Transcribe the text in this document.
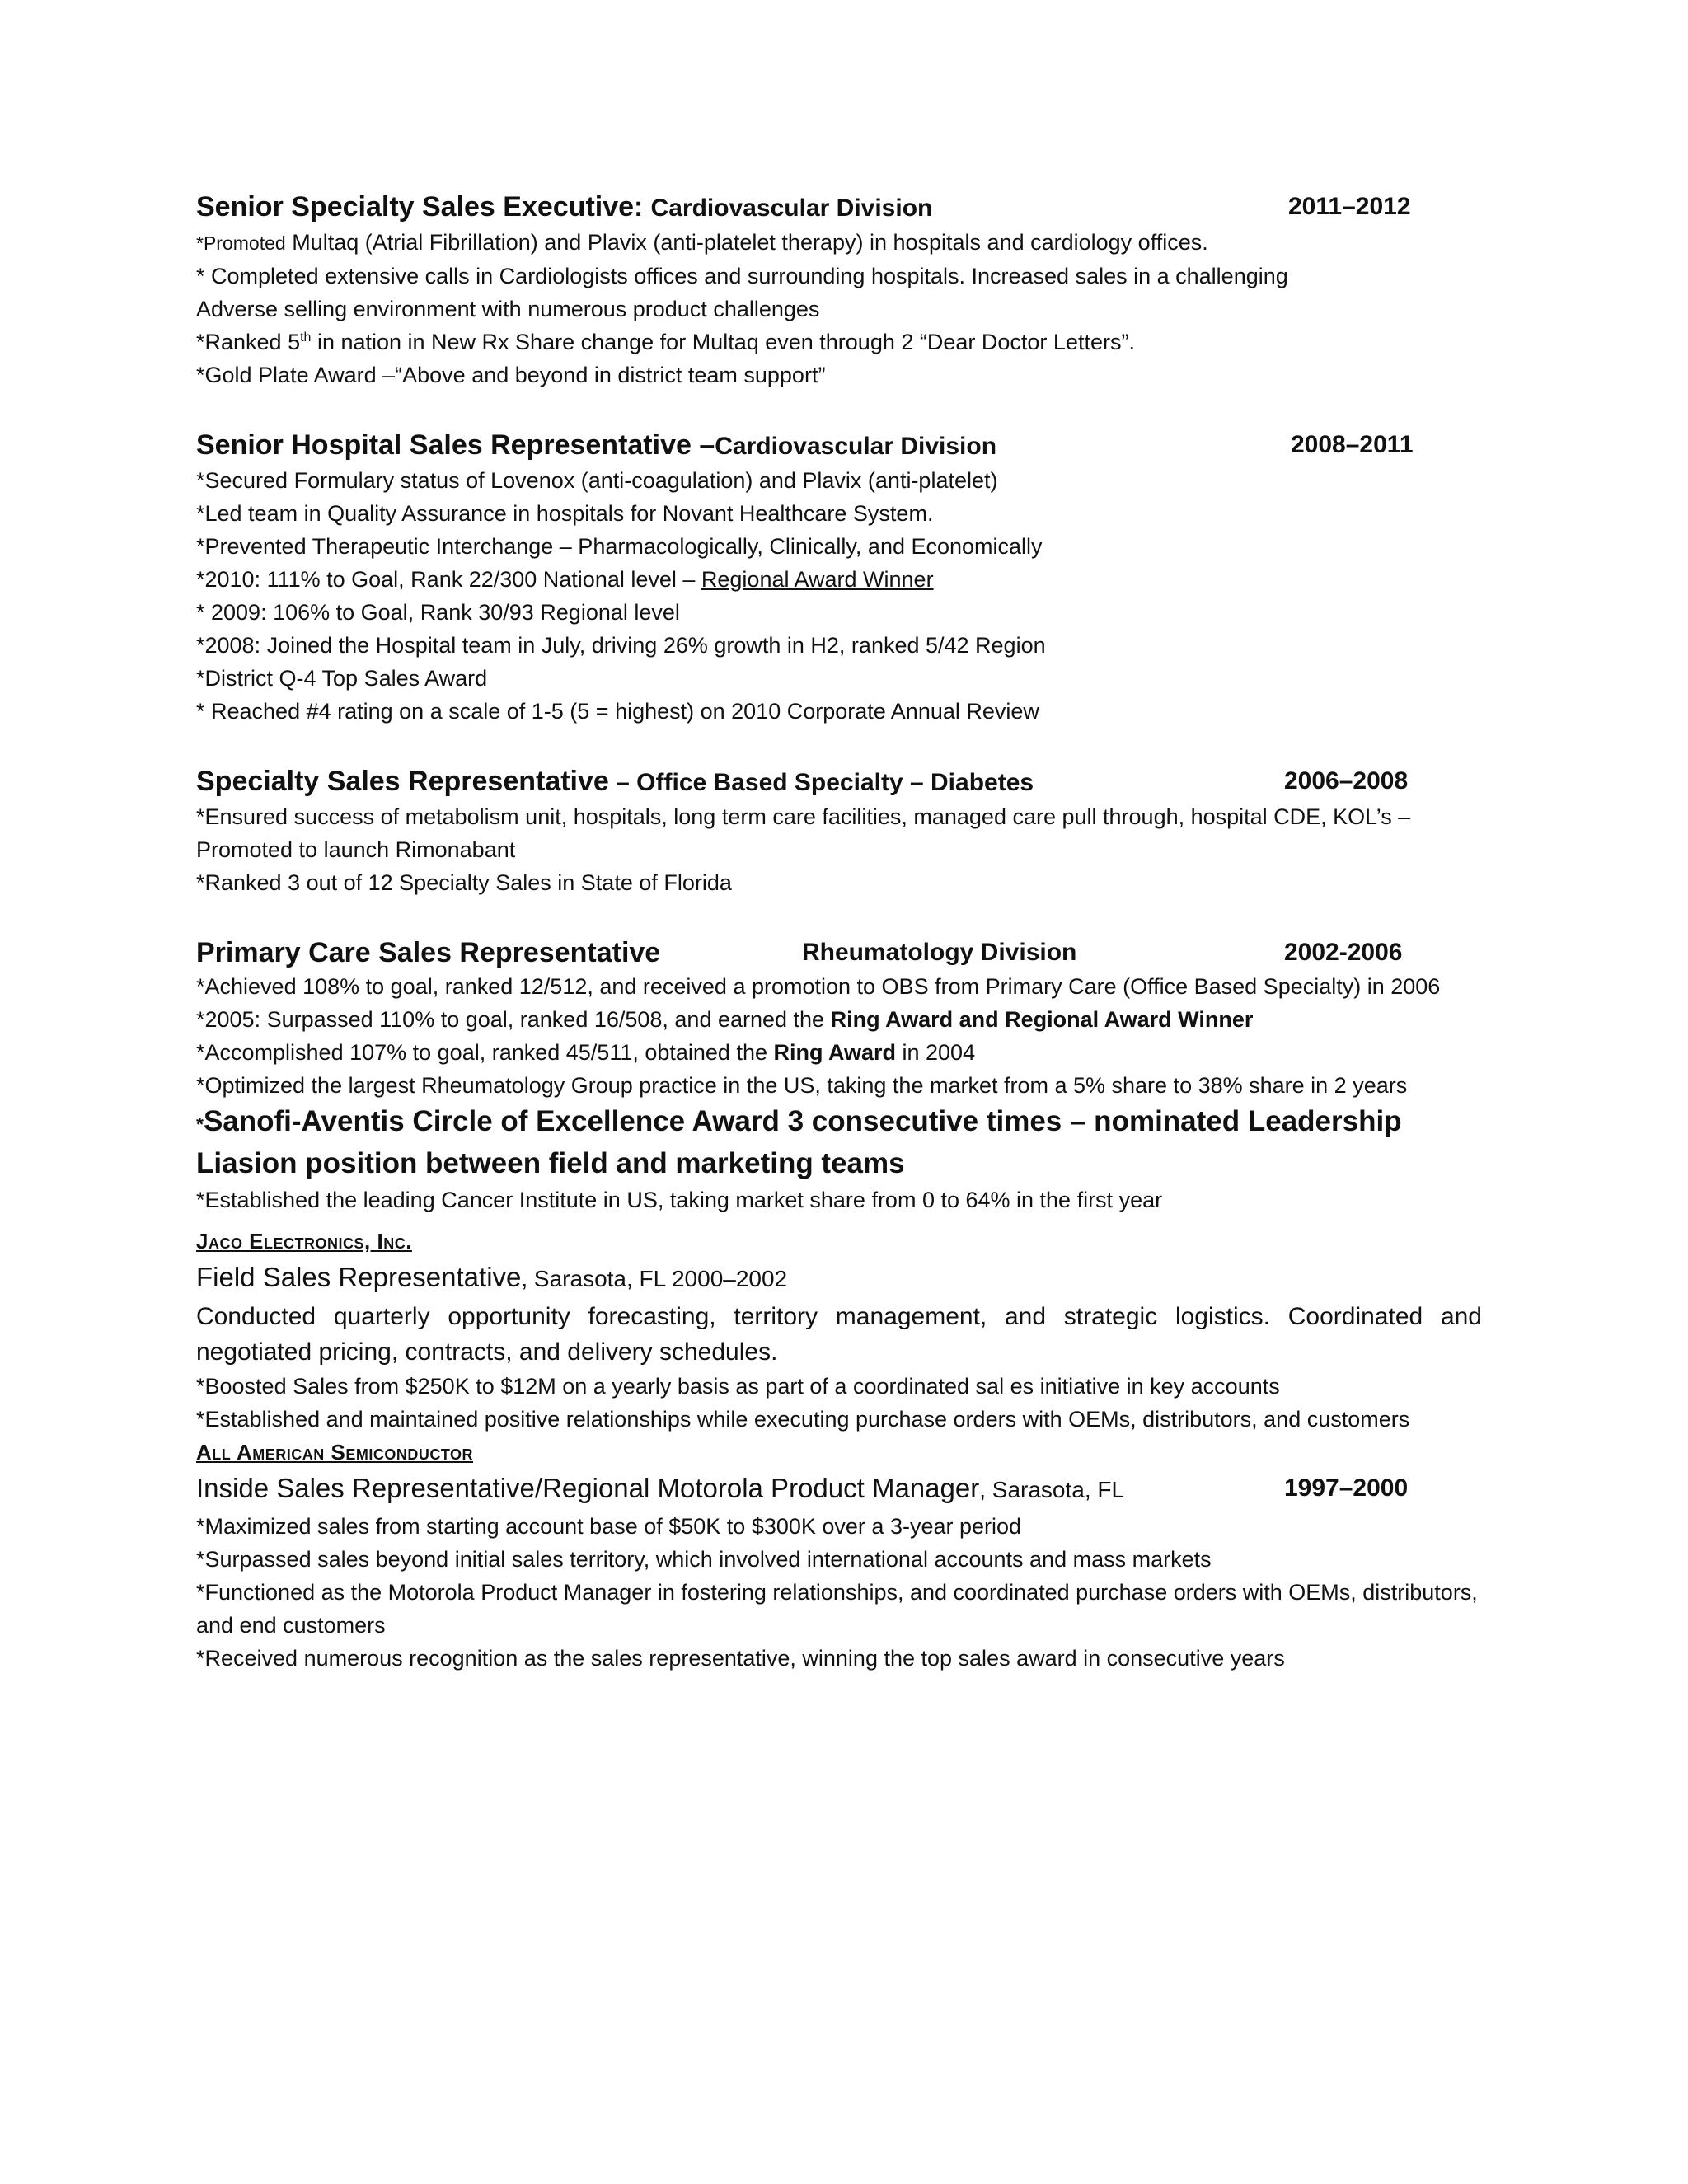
Senior Specialty Sales Executive: Cardiovascular Division	2011–2012
*Promoted Multaq (Atrial Fibrillation) and Plavix (anti-platelet therapy) in hospitals and cardiology offices.
* Completed extensive calls in Cardiologists offices and surrounding hospitals. Increased sales in a challenging
Adverse selling environment with numerous product challenges
*Ranked 5th in nation in New Rx Share change for Multaq even through 2 “Dear Doctor Letters”.
*Gold Plate Award –“Above and beyond in district team support”
Senior Hospital Sales Representative –Cardiovascular Division	2008–2011
*Secured Formulary status of Lovenox (anti-coagulation) and Plavix (anti-platelet)
*Led team in Quality Assurance in hospitals for Novant Healthcare System.
*Prevented Therapeutic Interchange – Pharmacologically, Clinically, and Economically
*2010: 111% to Goal, Rank 22/300 National level – Regional Award Winner
* 2009: 106% to Goal, Rank 30/93 Regional level
*2008: Joined the Hospital team in July, driving 26% growth in H2, ranked 5/42 Region
*District Q-4 Top Sales Award
* Reached #4 rating on a scale of 1-5 (5 = highest) on 2010 Corporate Annual Review
Specialty Sales Representative – Office Based Specialty – Diabetes	2006–2008
*Ensured success of metabolism unit, hospitals, long term care facilities, managed care pull through, hospital CDE, KOL’s – Promoted to launch Rimonabant
*Ranked 3 out of 12 Specialty Sales in State of Florida
Primary Care Sales Representative	Rheumatology Division	2002-2006
*Achieved 108% to goal, ranked 12/512, and received a promotion to OBS from Primary Care (Office Based Specialty) in 2006
*2005: Surpassed 110% to goal, ranked 16/508, and earned the Ring Award and Regional Award Winner
*Accomplished 107% to goal, ranked 45/511, obtained the Ring Award in 2004
*Optimized the largest Rheumatology Group practice in the US, taking the market from a 5% share to 38% share in 2 years
*Sanofi-Aventis Circle of Excellence Award 3 consecutive times – nominated Leadership Liasion position between field and marketing teams
*Established the leading Cancer Institute in US, taking market share from 0 to 64% in the first year
Jaco Electronics, Inc.
Field Sales Representative, Sarasota, FL 2000–2002
Conducted quarterly opportunity forecasting, territory management, and strategic logistics. Coordinated and negotiated pricing, contracts, and delivery schedules.
*Boosted Sales from $250K to $12M on a yearly basis as part of a coordinated sal es initiative in key accounts
*Established and maintained positive relationships while executing purchase orders with OEMs, distributors, and customers
All American Semiconductor
Inside Sales Representative/Regional Motorola Product Manager, Sarasota, FL	1997–2000
*Maximized sales from starting account base of $50K to $300K over a 3-year period
*Surpassed sales beyond initial sales territory, which involved international accounts and mass markets
*Functioned as the Motorola Product Manager in fostering relationships, and coordinated purchase orders with OEMs, distributors, and end customers
*Received numerous recognition as the sales representative, winning the top sales award in consecutive years
